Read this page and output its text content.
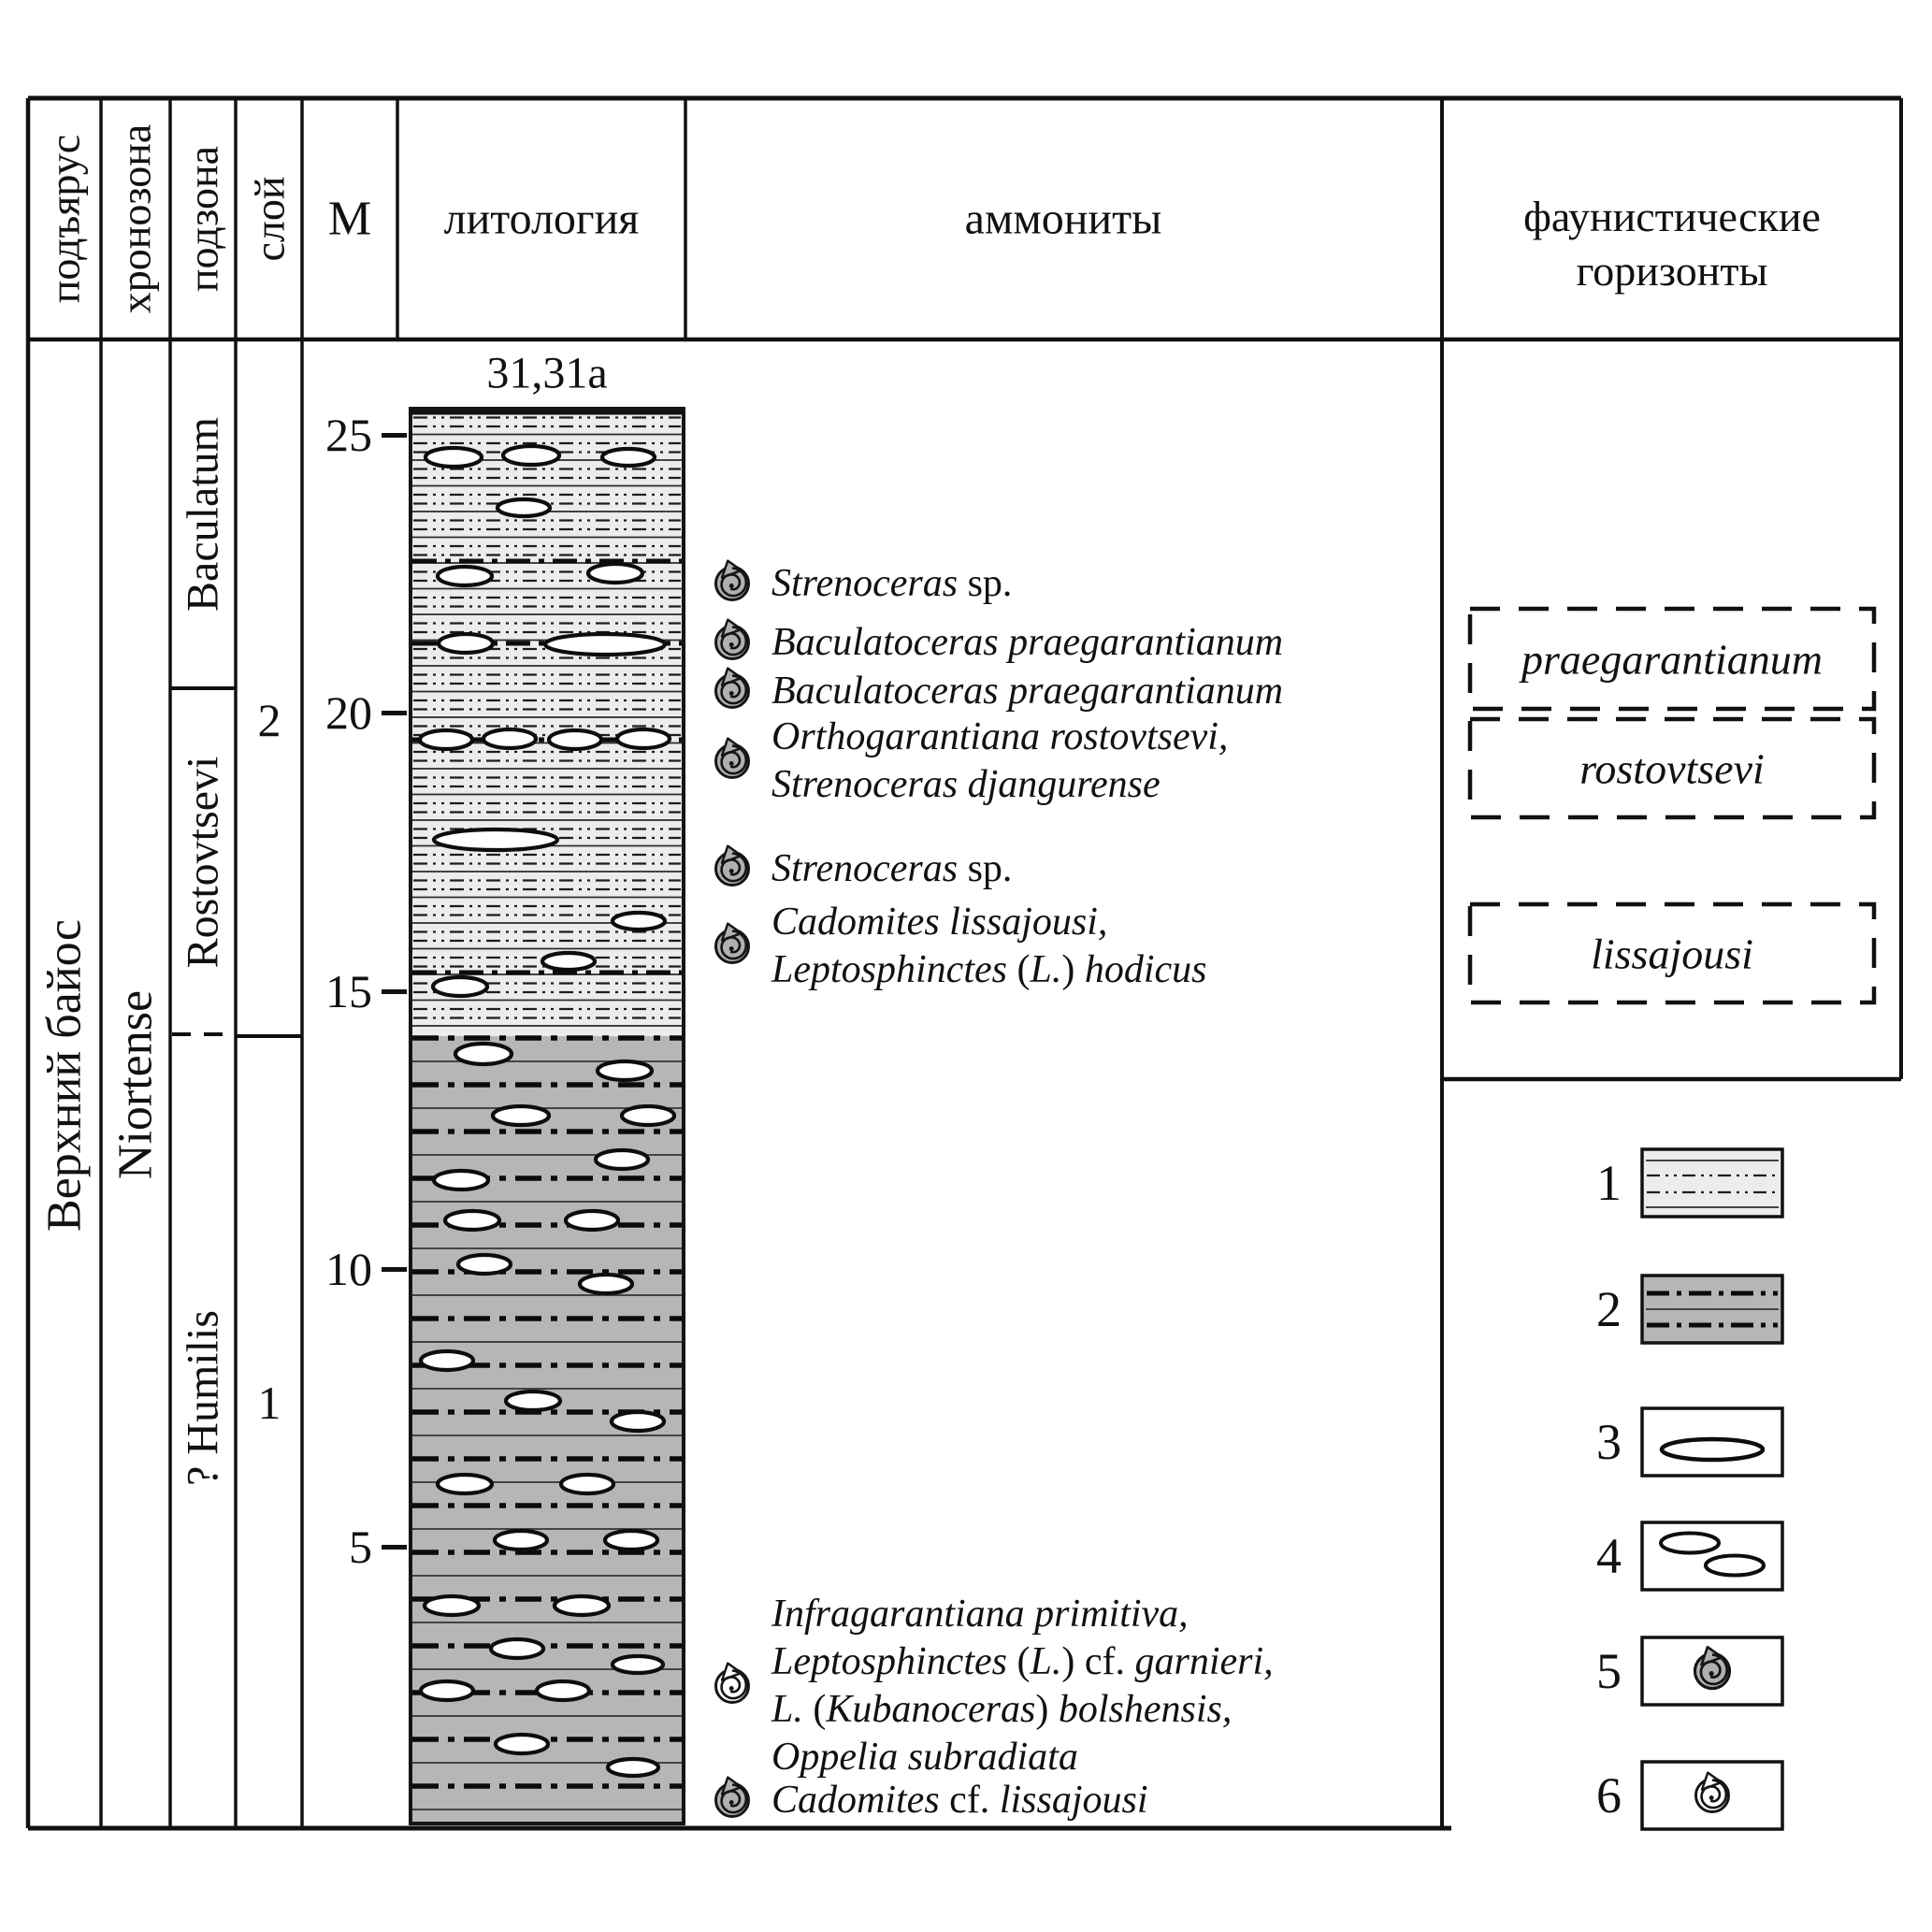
подъярус хронозона подзона слой М литология	аммониты	фаунистические
горизонты
Верхний байос Niortense
Baculatum
Rostovtsevi
? Humilis
2
1
31,31a
praegarantianum
rostovtsevi
lissajousi
25
20
15
10
5
Strenoceras sp.
Baculatoceras praegarantianum
Baculatoceras praegarantianum
Orthogarantiana rostovtsevi,
Strenoceras djangurense
Strenoceras sp.
Cadomites lissajousi,
Leptosphinctes (L.) hodicus
Infragarantiana primitiva,
Leptosphinctes (L.) cf. garnieri,
L. (Kubanoceras) bolshensis,
Oppelia subradiata
Cadomites cf. lissajousi
1
2
3
4
5
6
